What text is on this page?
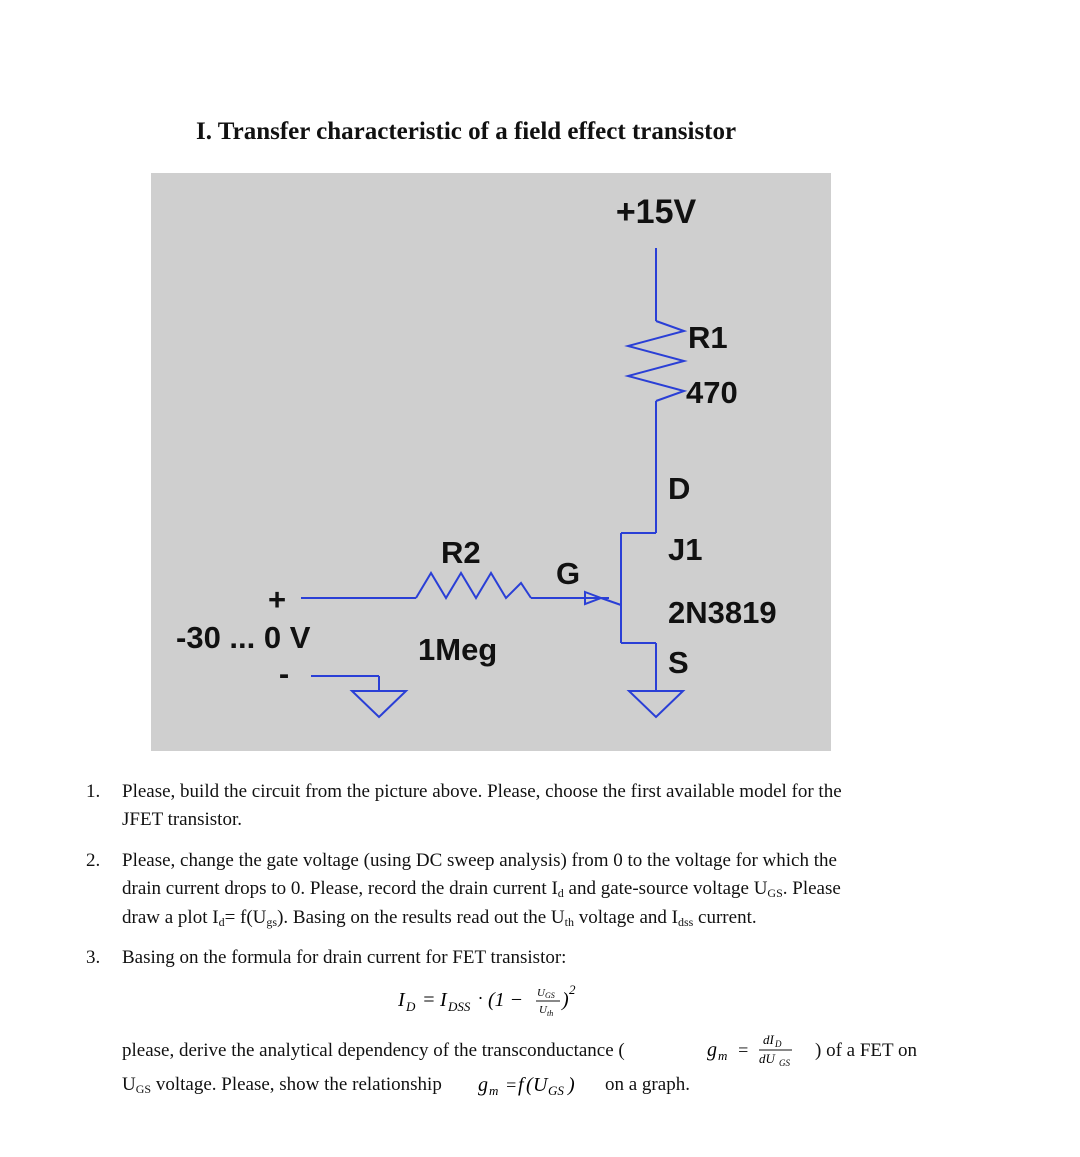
I. Transfer characteristic of a field effect transistor
+15V
R1
470
D
J1
2N3819
S
G
R2
1Meg
+
-
-30 ... 0 V
1. Please, build the circuit from the picture above. Please, choose the first available model for the
JFET transistor.
2. Please, change the gate voltage (using DC sweep analysis) from 0 to the voltage for which the
drain current drops to 0. Please, record the drain current $I_d$ and gate-source voltage $U_{GS}$. Please
draw a plot $I_d= f(U_{gs})$. Basing on the results read out the $U_{th}$ voltage and $I_{dss}$ current.
3. Basing on the formula for drain current for FET transistor:
I D = I DSS · (1 − U GS
U th
) 2
please, derive the analytical dependency of the transconductance (	g m =
dI D
dU GS
) of a FET on
$U_{GS}$ voltage. Please, show the relationship g m = f ( U GS ) on a graph.
